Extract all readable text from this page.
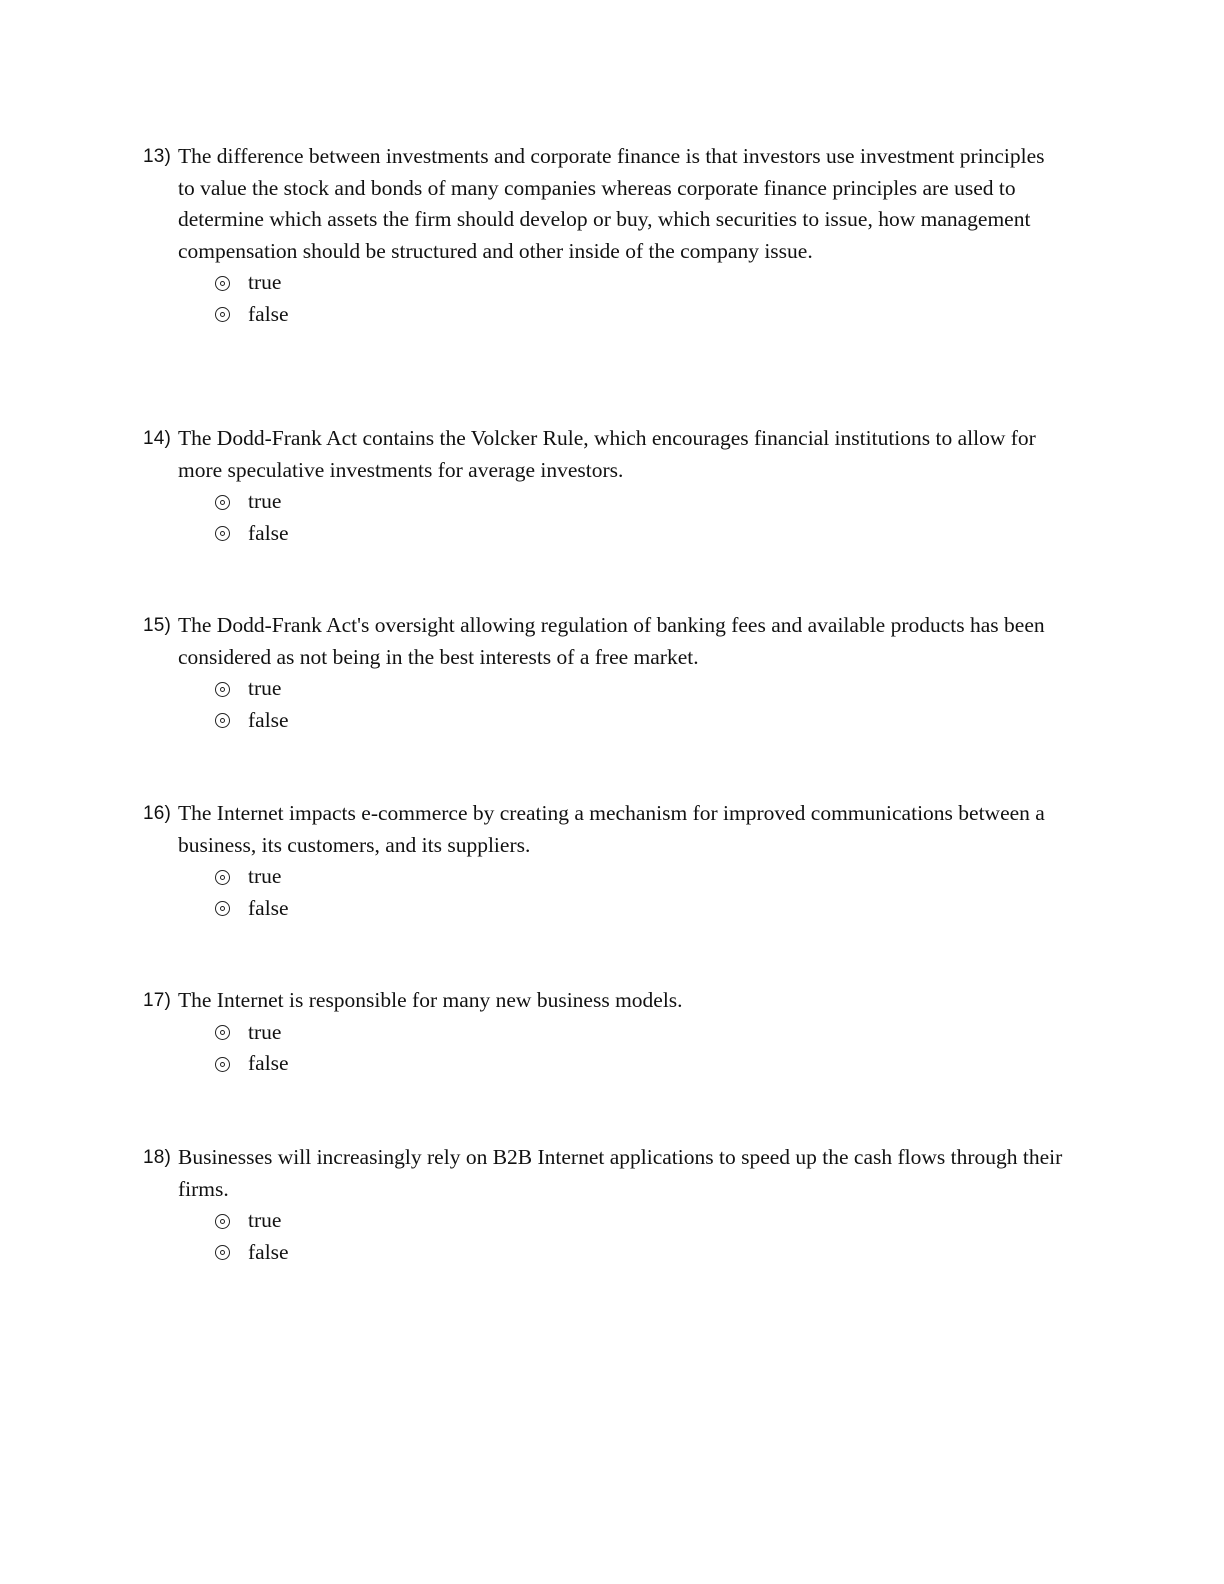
13) The difference between investments and corporate finance is that investors use investment principles to value the stock and bonds of many companies whereas corporate finance principles are used to determine which assets the firm should develop or buy, which securities to issue, how management compensation should be structured and other inside of the company issue.
true
false
14) The Dodd-Frank Act contains the Volcker Rule, which encourages financial institutions to allow for more speculative investments for average investors.
true
false
15) The Dodd-Frank Act's oversight allowing regulation of banking fees and available products has been considered as not being in the best interests of a free market.
true
false
16) The Internet impacts e-commerce by creating a mechanism for improved communications between a business, its customers, and its suppliers.
true
false
17) The Internet is responsible for many new business models.
true
false
18) Businesses will increasingly rely on B2B Internet applications to speed up the cash flows through their firms.
true
false
